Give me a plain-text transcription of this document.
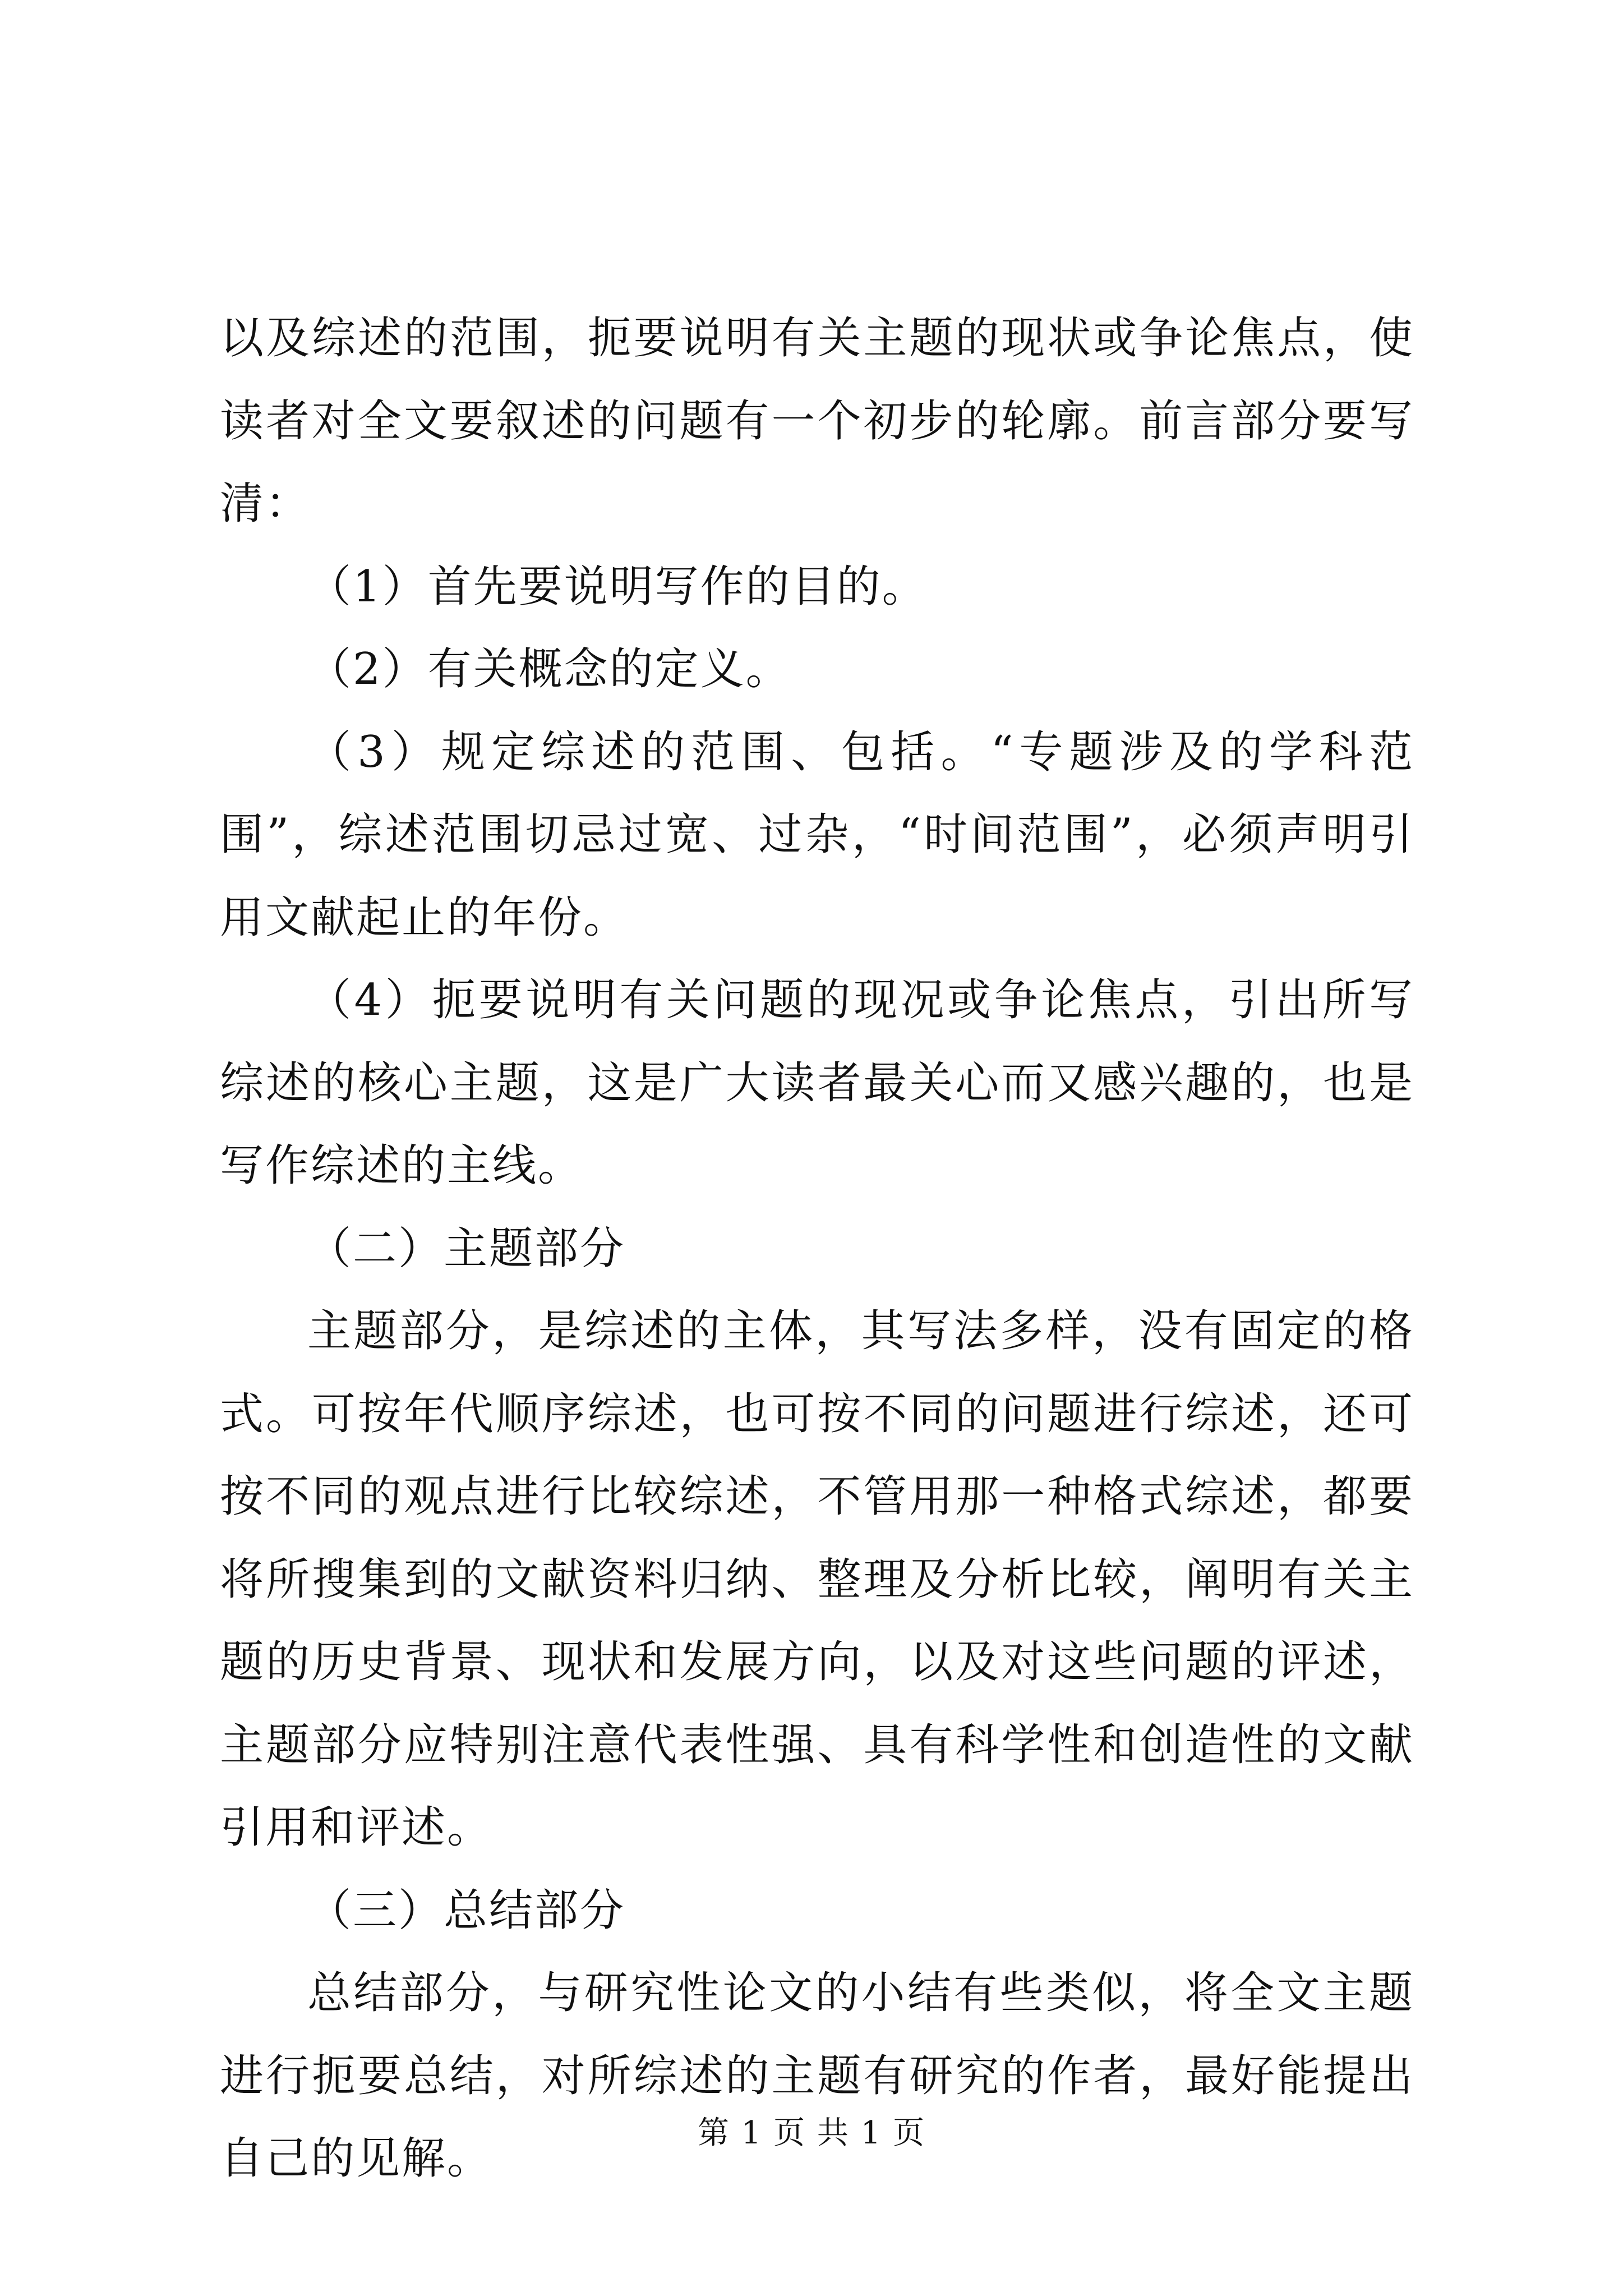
以及综述的范围，扼要说明有关主题的现状或争论焦点，使读者对全文要叙述的问题有一个初步的轮廓。前言部分要写清：

（1）首先要说明写作的目的。

（2）有关概念的定义。

（3）规定综述的范围、包括。“专题涉及的学科范围”，综述范围切忌过宽、过杂，“时间范围”，必须声明引用文献起止的年份。

（4）扼要说明有关问题的现况或争论焦点，引出所写综述的核心主题，这是广大读者最关心而又感兴趣的，也是写作综述的主线。

（二）主题部分

主题部分，是综述的主体，其写法多样，没有固定的格式。可按年代顺序综述，也可按不同的问题进行综述，还可按不同的观点进行比较综述，不管用那一种格式综述，都要将所搜集到的文献资料归纳、整理及分析比较，阐明有关主题的历史背景、现状和发展方向，以及对这些问题的评述，主题部分应特别注意代表性强、具有科学性和创造性的文献引用和评述。

（三）总结部分

总结部分，与研究性论文的小结有些类似，将全文主题进行扼要总结，对所综述的主题有研究的作者，最好能提出自己的见解。

第 1 页 共 1 页
